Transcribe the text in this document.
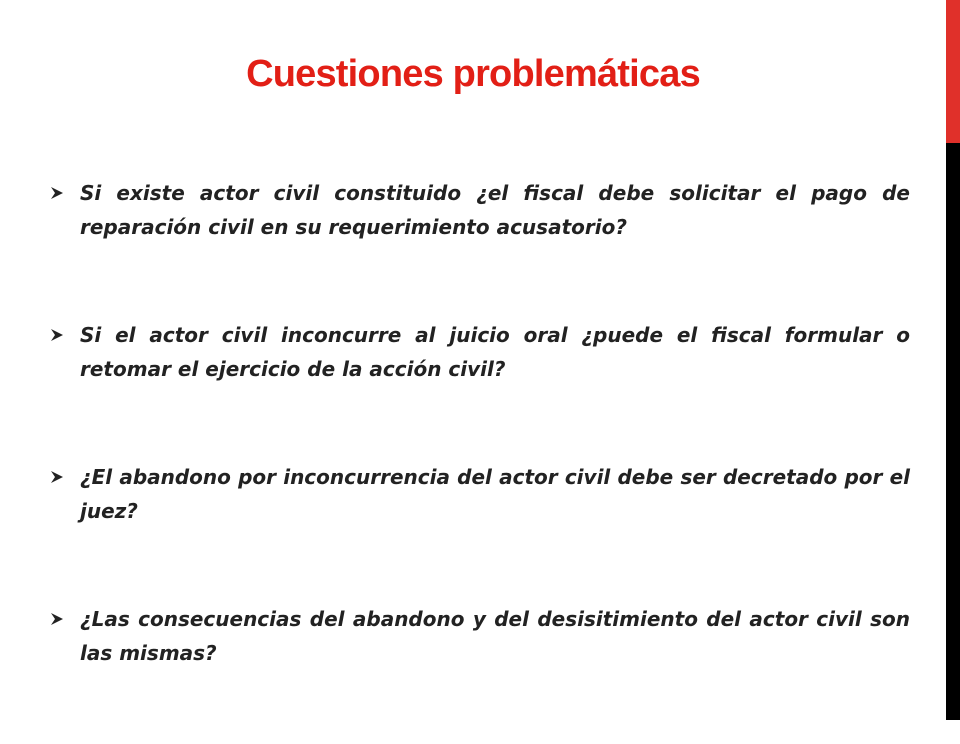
Cuestiones problemáticas
Si existe actor civil constituido ¿el fiscal debe solicitar el pago de reparación civil en su requerimiento acusatorio?
Si el actor civil inconcurre al juicio oral ¿puede el fiscal formular o retomar el ejercicio de la acción civil?
¿El abandono por inconcurrencia del actor civil debe ser decretado por el juez?
¿Las consecuencias del abandono y del desisitimiento del actor civil son las mismas?
